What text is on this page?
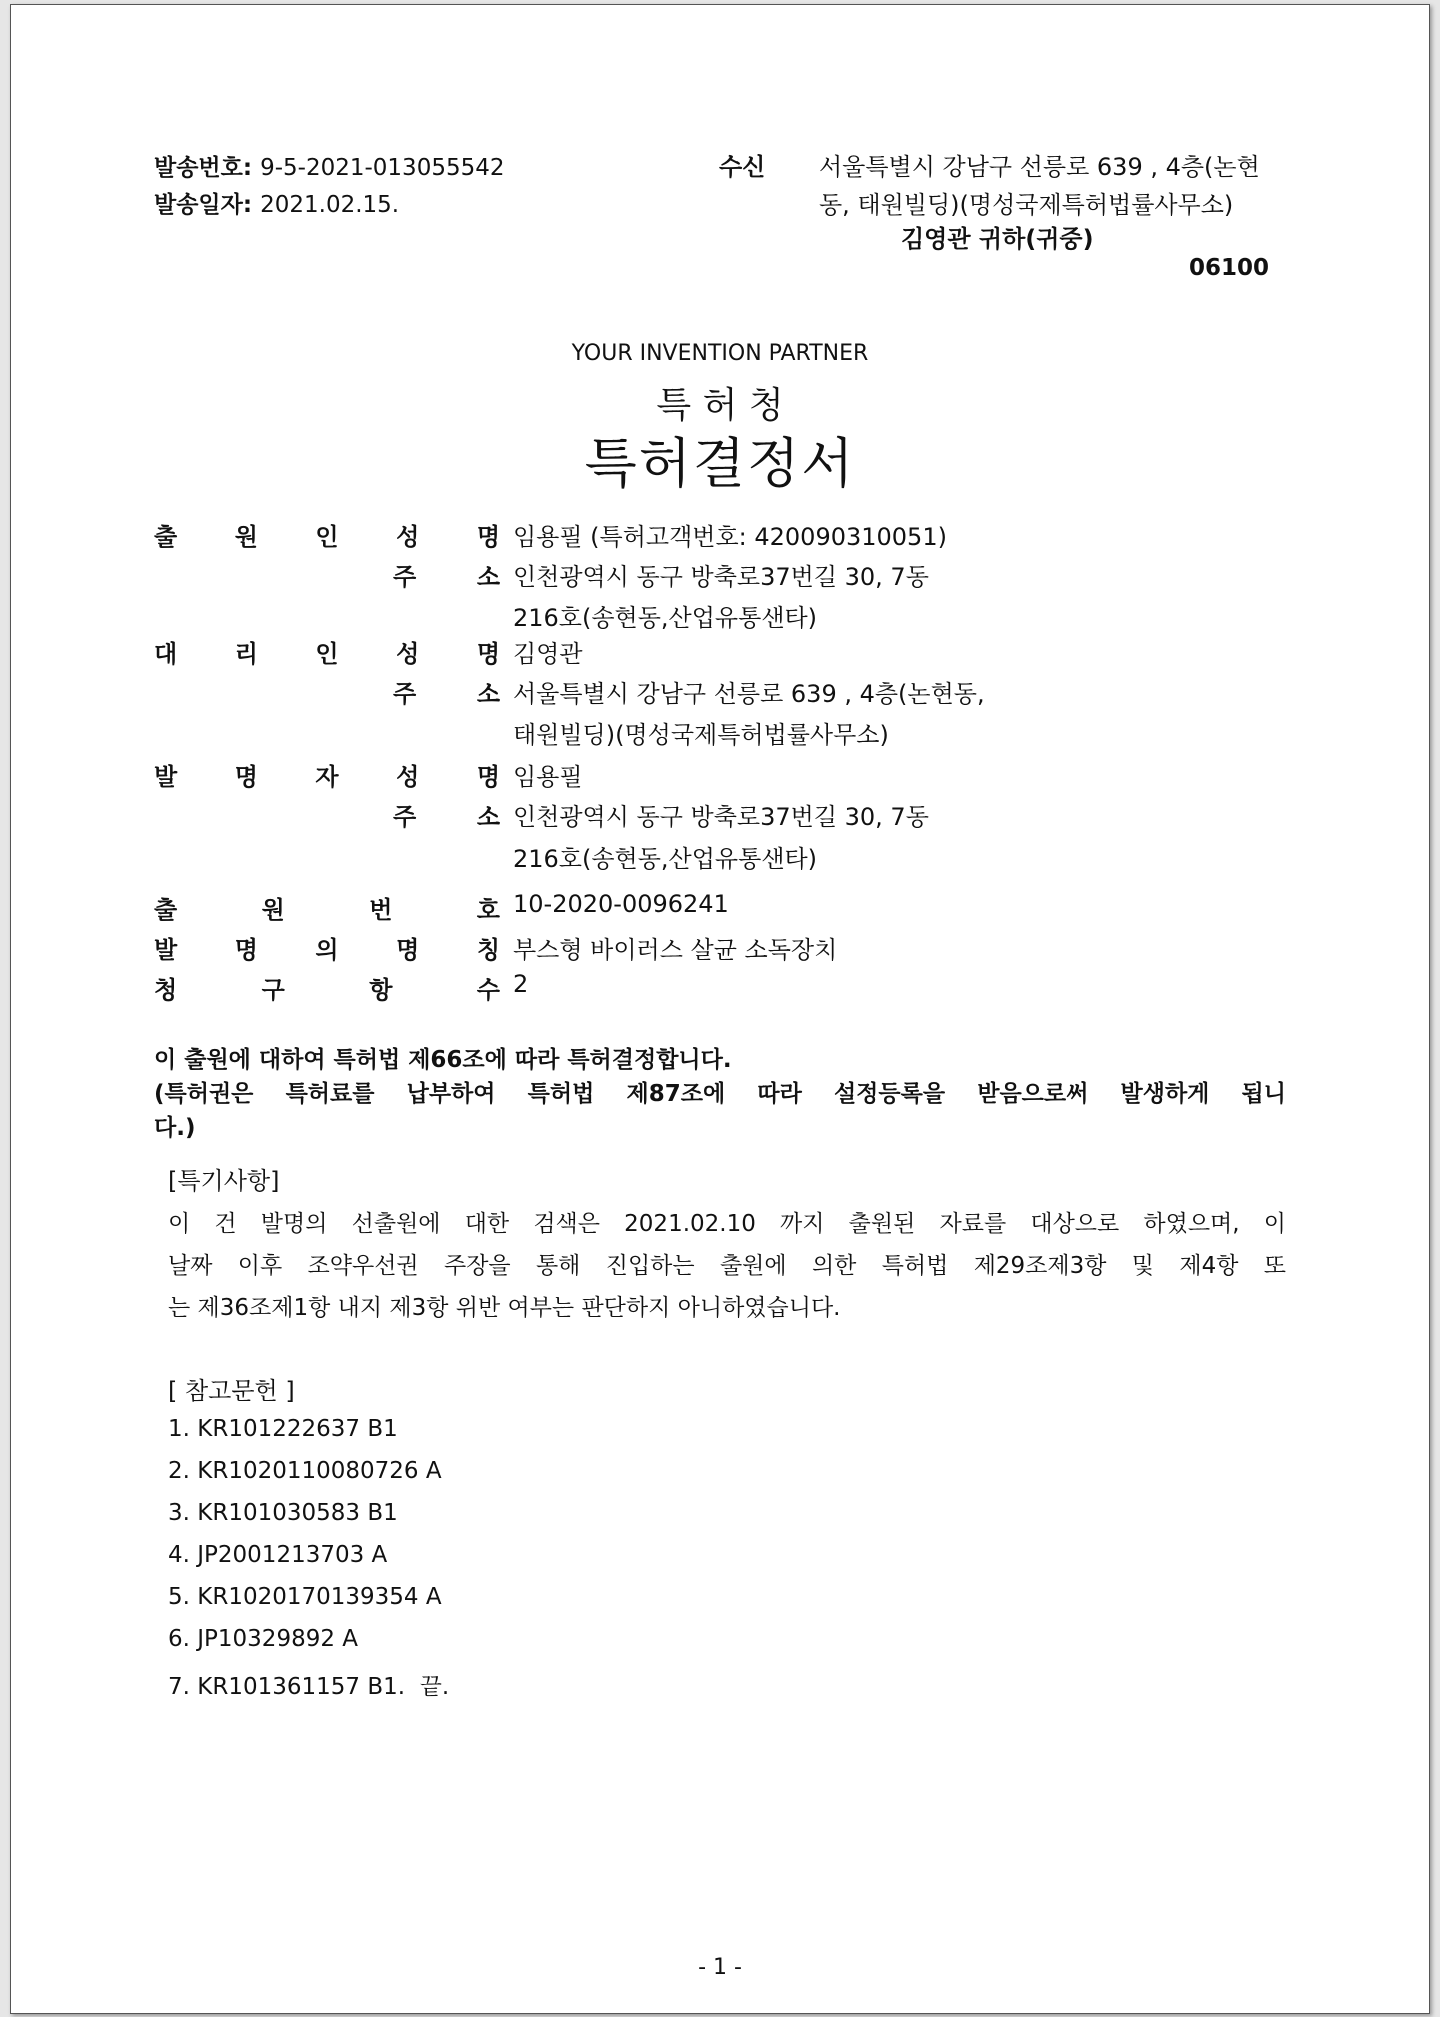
발송번호: 9-5-2021-013055542
발송일자: 2021.02.15.
수신 서울특별시 강남구 선릉로 639 , 4층(논현
동, 태원빌딩)(명성국제특허법률사무소)
김영관 귀하(귀중)
06100
YOUR INVENTION PARTNER
특 허 청
특허결정서
출 원 인 성 명 임용필 (특허고객번호: 420090310051)
주	소 인천광역시 동구 방축로37번길 30, 7동
216호(송현동,산업유통샌타)
대 리 인 성 명 김영관
주	소 서울특별시 강남구 선릉로 639 , 4층(논현동,
태원빌딩)(명성국제특허법률사무소)
발 명 자 성 명 임용필
주	소 인천광역시 동구 방축로37번길 30, 7동
216호(송현동,산업유통샌타)
출	원	번	호 10-2020-0096241
발 명 의 명 칭 부스형 바이러스 살균 소독장치
청	구	항	수 2
이 출원에 대하여 특허법 제66조에 따라 특허결정합니다.
(특허권은 특허료를 납부하여 특허법 제87조에 따라 설정등록을 받음으로써 발생하게 됩니
다.)
[특기사항]
이 건 발명의 선출원에 대한 검색은 2021.02.10 까지 출원된 자료를 대상으로 하였으며, 이
날짜 이후 조약우선권 주장을 통해 진입하는 출원에 의한 특허법 제29조제3항 및 제4항 또
는 제36조제1항 내지 제3항 위반 여부는 판단하지 아니하였습니다.
[ 참고문헌 ]
1. KR101222637 B1
2. KR1020110080726 A
3. KR101030583 B1
4. JP2001213703 A
5. KR1020170139354 A
6. JP10329892 A
7. KR101361157 B1.  끝.
- 1 -
